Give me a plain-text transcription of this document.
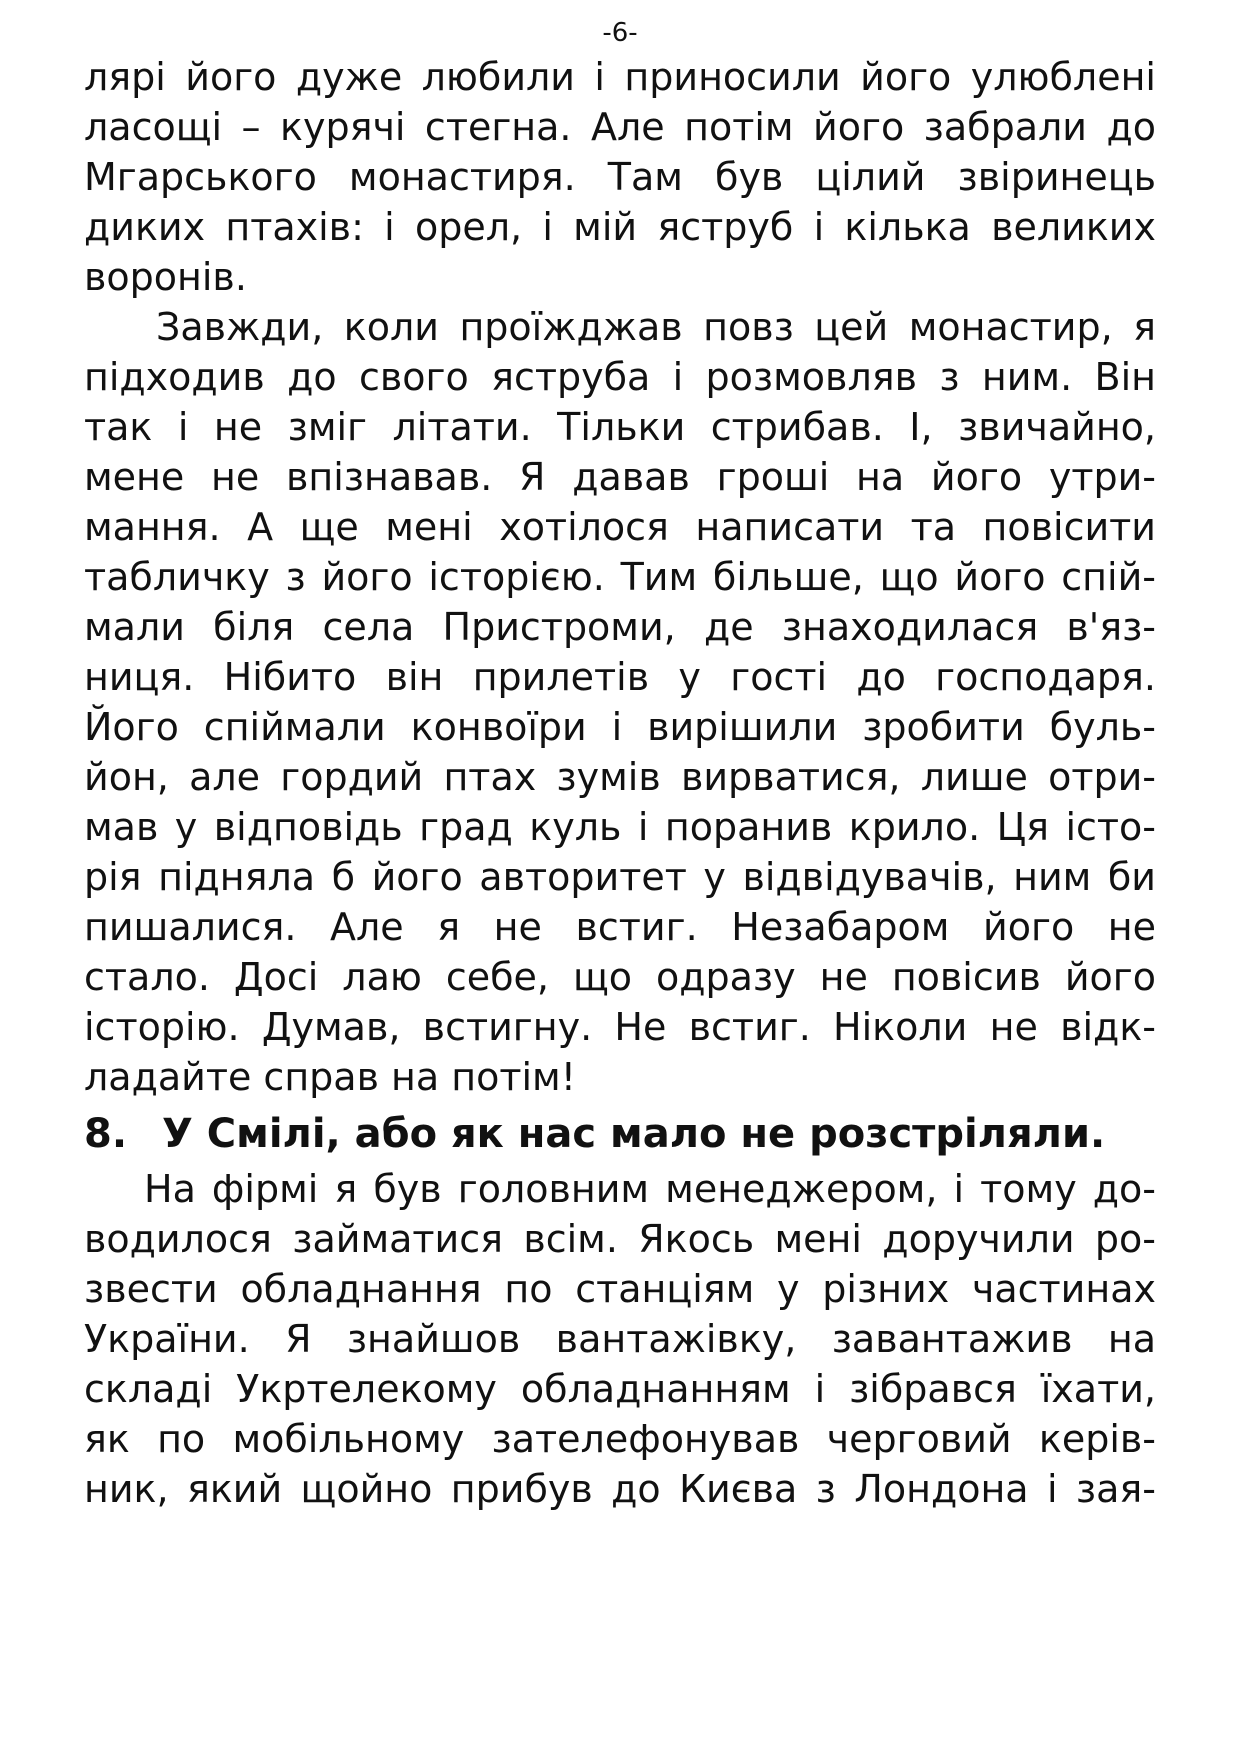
-6-
лярі його дуже любили і приносили його улюблені
ласощі – курячі стегна. Але потім його забрали до
Мгарського монастиря. Там був цілий звіринець
диких птахів: і орел, і мій яструб і кілька великих
воронів.
Завжди, коли проїжджав повз цей монастир, я
підходив до свого яструба і розмовляв з ним. Він
так і не зміг літати. Тільки стрибав. І, звичайно,
мене не впізнавав. Я давав гроші на його утри-
мання. А ще мені хотілося написати та повісити
табличку з його історією. Тим більше, що його спій-
мали біля села Пристроми, де знаходилася в'яз-
ниця. Нібито він прилетів у гості до господаря.
Його спіймали конвоїри і вирішили зробити буль-
йон, але гордий птах зумів вирватися, лише отри-
мав у відповідь град куль і поранив крило. Ця істо-
рія підняла б його авторитет у відвідувачів, ним би
пишалися. Але я не встиг. Незабаром його не
стало. Досі лаю себе, що одразу не повісив його
історію. Думав, встигну. Не встиг. Ніколи не відк-
ладайте справ на потім!
8. У Смілі, або як нас мало не розстріляли.
На фірмі я був головним менеджером, і тому до-
водилося займатися всім. Якось мені доручили ро-
звести обладнання по станціям у різних частинах
України. Я знайшов вантажівку, завантажив на
складі Укртелекому обладнанням і зібрався їхати,
як по мобільному зателефонував черговий керів-
ник, який щойно прибув до Києва з Лондона і зая-
